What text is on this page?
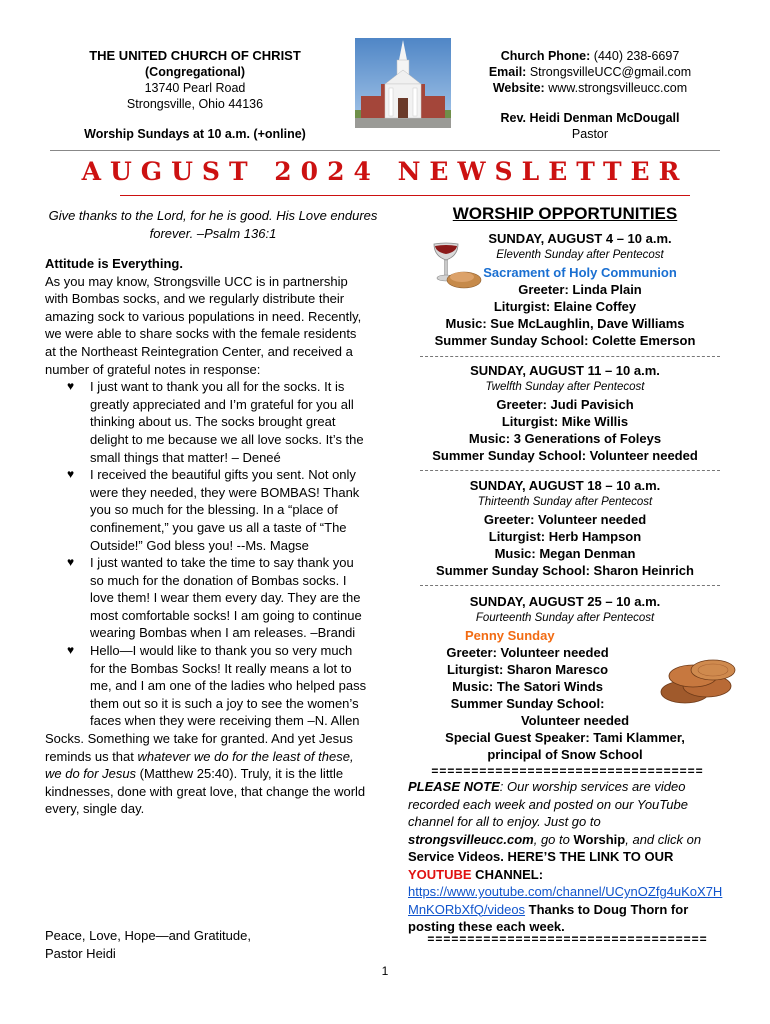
THE UNITED CHURCH OF CHRIST
(Congregational)
13740 Pearl Road
Strongsville, Ohio 44136
Worship Sundays at 10 a.m. (+online)
Church Phone: (440) 238-6697
Email: StrongsvilleUCC@gmail.com
Website: www.strongsvilleucc.com
Rev. Heidi Denman McDougall
Pastor
AUGUST 2024 NEWSLETTER
Give thanks to the Lord, for he is good. His Love endures forever. –Psalm 136:1

Attitude is Everything.

As you may know, Strongsville UCC is in partnership with Bombas socks, and we regularly distribute their amazing sock to various populations in need. Recently, we were able to share socks with the female residents at the Northeast Reintegration Center, and received a number of grateful notes in response:

♥ I just want to thank you all for the socks. It is greatly appreciated and I’m grateful for you all thinking about us. The socks brought great delight to me because we all love socks. It’s the small things that matter! – Deneé
♥ I received the beautiful gifts you sent. Not only were they needed, they were BOMBAS! Thank you so much for the blessing. In a “place of confinement,” you gave us all a taste of “The Outside!” God bless you! --Ms. Magse
♥ I just wanted to take the time to say thank you so much for the donation of Bombas socks. I love them! I wear them every day. They are the most comfortable socks! I am going to continue wearing Bombas when I am releases. –Brandi
♥ Hello—I would like to thank you so very much for the Bombas Socks! It really means a lot to me, and I am one of the ladies who helped pass them out so it is such a joy to see the women’s faces when they were receiving them –N. Allen

Socks. Something we take for granted. And yet Jesus reminds us that whatever we do for the least of these, we do for Jesus (Matthew 25:40). Truly, it is the little kindnesses, done with great love, that change the world every, single day.

Peace, Love, Hope—and Gratitude,
Pastor Heidi
WORSHIP OPPORTUNITIES
SUNDAY, AUGUST 4 – 10 a.m.
Eleventh Sunday after Pentecost
Sacrament of Holy Communion
Greeter: Linda Plain
Liturgist: Elaine Coffey
Music: Sue McLaughlin, Dave Williams
Summer Sunday School: Colette Emerson
SUNDAY, AUGUST 11 – 10 a.m.
Twelfth Sunday after Pentecost
Greeter: Judi Pavisich
Liturgist: Mike Willis
Music: 3 Generations of Foleys
Summer Sunday School: Volunteer needed
SUNDAY, AUGUST 18 – 10 a.m.
Thirteenth Sunday after Pentecost
Greeter: Volunteer needed
Liturgist: Herb Hampson
Music: Megan Denman
Summer Sunday School: Sharon Heinrich
SUNDAY, AUGUST 25 – 10 a.m.
Fourteenth Sunday after Pentecost
Penny Sunday
Greeter: Volunteer needed
Liturgist: Sharon Maresco
Music: The Satori Winds
Summer Sunday School:
Volunteer needed
Special Guest Speaker: Tami Klammer,
principal of Snow School
==================================
PLEASE NOTE: Our worship services are video recorded each week and posted on our YouTube channel for all to enjoy. Just go to strongsvilleucc.com, go to Worship, and click on Service Videos. HERE’S THE LINK TO OUR YOUTUBE CHANNEL:
https://www.youtube.com/channel/UCynOZfg4uKoX7HMnKORbXfQ/videos Thanks to Doug Thorn for posting these each week.
===================================
1
